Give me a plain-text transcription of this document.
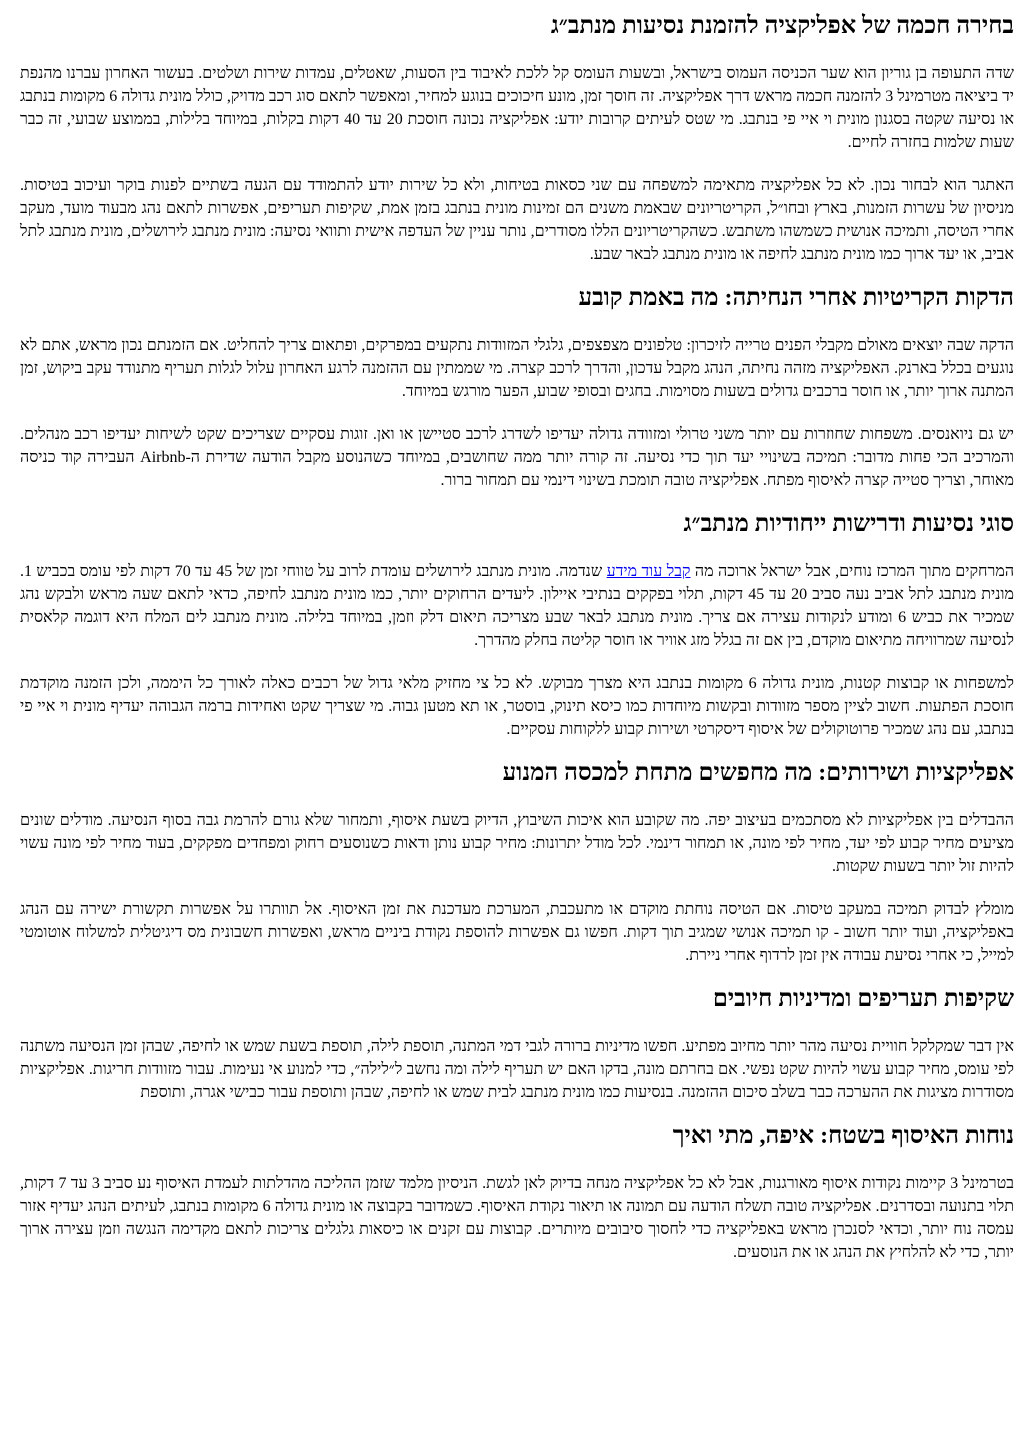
בחירה חכמה של אפליקציה להזמנת נסיעות מנתב״ג

שדה התעופה בן גוריון הוא שער הכניסה העמוס בישראל, ובשעות העומס קל ללכת לאיבוד בין הסעות, שאטלים, עמדות שירות ושלטים. בעשור האחרון עברנו מהנפת יד ביציאה מטרמינל 3 להזמנה חכמה מראש דרך אפליקציה. זה חוסך זמן, מונע חיכוכים בנוגע למחיר, ומאפשר לתאם סוג רכב מדויק, כולל מונית גדולה 6 מקומות בנתבג או נסיעה שקטה בסגנון מונית וי איי פי בנתבג. מי שטס לעיתים קרובות יודע: אפליקציה נכונה חוסכת 20 עד 40 דקות בקלות, במיוחד בלילות, בממוצע שבועי, זה כבר שעות שלמות בחזרה לחיים.

האתגר הוא לבחור נכון. לא כל אפליקציה מתאימה למשפחה עם שני כסאות בטיחות, ולא כל שירות יודע להתמודד עם הגעה בשתיים לפנות בוקר ועיכוב בטיסות. מניסיון של עשרות הזמנות, בארץ ובחו״ל, הקריטריונים שבאמת משנים הם זמינות מונית בנתבג בזמן אמת, שקיפות תעריפים, אפשרות לתאם נהג מבעוד מועד, מעקב אחרי הטיסה, ותמיכה אנושית כשמשהו משתבש. כשהקריטריונים הללו מסודרים, נותר עניין של העדפה אישית ותוואי נסיעה: מונית מנתבג לירושלים, מונית מנתבג לתל אביב, או יעד ארוך כמו מונית מנתבג לחיפה או מונית מנתבג לבאר שבע.

הדקות הקריטיות אחרי הנחיתה: מה באמת קובע

הדקה שבה יוצאים מאולם מקבלי הפנים טרייה לזיכרון: טלפונים מצפצפים, גלגלי המזוודות נתקעים במפרקים, ופתאום צריך להחליט. אם הזמנתם נכון מראש, אתם לא נוגעים בכלל בארנק. האפליקציה מזהה נחיתה, הנהג מקבל עדכון, והדרך לרכב קצרה. מי שממתין עם ההזמנה לרגע האחרון עלול לגלות תעריף מתנודד עקב ביקוש, זמן המתנה ארוך יותר, או חוסר ברכבים גדולים בשעות מסוימות. בחגים ובסופי שבוע, הפער מורגש במיוחד.

יש גם ניואנסים. משפחות שחוזרות עם יותר משני טרולי ומזוודה גדולה יעדיפו לשדרג לרכב סטיישן או ואן. זוגות עסקיים שצריכים שקט לשיחות יעדיפו רכב מנהלים. והמרכיב הכי פחות מדובר: תמיכה בשינויי יעד תוך כדי נסיעה. זה קורה יותר ממה שחושבים, במיוחד כשהנוסע מקבל הודעה שדירת ה-Airbnb העבירה קוד כניסה מאוחר, וצריך סטייה קצרה לאיסוף מפתח. אפליקציה טובה תומכת בשינוי דינמי עם תמחור ברור.

סוגי נסיעות ודרישות ייחודיות מנתב״ג

המרחקים מתוך המרכז נוחים, אבל ישראל ארוכה מה קבל עוד מידע שנדמה. מונית מנתבג לירושלים עומדת לרוב על טווחי זמן של 45 עד 70 דקות לפי עומס בכביש 1. מונית מנתבג לתל אביב נעה סביב 20 עד 45 דקות, תלוי בפקקים בנתיבי איילון. ליעדים הרחוקים יותר, כמו מונית מנתבג לחיפה, כדאי לתאם שעה מראש ולבקש נהג שמכיר את כביש 6 ומודע לנקודות עצירה אם צריך. מונית מנתבג לבאר שבע מצריכה תיאום דלק וזמן, במיוחד בלילה. מונית מנתבג לים המלח היא דוגמה קלאסית לנסיעה שמרוויחה מתיאום מוקדם, בין אם זה בגלל מזג אוויר או חוסר קליטה בחלק מהדרך.

למשפחות או קבוצות קטנות, מונית גדולה 6 מקומות בנתבג היא מצרך מבוקש. לא כל צי מחזיק מלאי גדול של רכבים כאלה לאורך כל היממה, ולכן הזמנה מוקדמת חוסכת הפתעות. חשוב לציין מספר מזוודות ובקשות מיוחדות כמו כיסא תינוק, בוסטר, או תא מטען גבוה. מי שצריך שקט ואחידות ברמה הגבוהה יעדיף מונית וי איי פי בנתבג, עם נהג שמכיר פרוטוקולים של איסוף דיסקרטי ושירות קבוע ללקוחות עסקיים.

אפליקציות ושירותים: מה מחפשים מתחת למכסה המנוע

ההבדלים בין אפליקציות לא מסתכמים בעיצוב יפה. מה שקובע הוא איכות השיבוץ, הדיוק בשעת איסוף, ותמחור שלא גורם להרמת גבה בסוף הנסיעה. מודלים שונים מציעים מחיר קבוע לפי יעד, מחיר לפי מונה, או תמחור דינמי. לכל מודל יתרונות: מחיר קבוע נותן ודאות כשנוסעים רחוק ומפחדים מפקקים, בעוד מחיר לפי מונה עשוי להיות זול יותר בשעות שקטות.

מומלץ לבדוק תמיכה במעקב טיסות. אם הטיסה נוחתת מוקדם או מתעכבת, המערכת מעדכנת את זמן האיסוף. אל תוותרו על אפשרות תקשורת ישירה עם הנהג באפליקציה, ועוד יותר חשוב - קו תמיכה אנושי שמגיב תוך דקות. חפשו גם אפשרות להוספת נקודת ביניים מראש, ואפשרות חשבונית מס דיגיטלית למשלוח אוטומטי למייל, כי אחרי נסיעת עבודה אין זמן לרדוף אחרי ניירת.

שקיפות תעריפים ומדיניות חיובים

אין דבר שמקלקל חוויית נסיעה מהר יותר מחיוב מפתיע. חפשו מדיניות ברורה לגבי דמי המתנה, תוספת לילה, תוספת בשעת שמש או לחיפה, שבהן זמן הנסיעה משתנה לפי עומס, מחיר קבוע עשוי להיות שקט נפשי. אם בחרתם מונה, בדקו האם יש תעריף לילה ומה נחשב ל״לילה״, כדי למנוע אי נעימות. עבור מזוודות חריגות. אפליקציות מסודרות מציגות את ההערכה כבר בשלב סיכום ההזמנה. בנסיעות כמו מונית מנתבג לבית שמש או לחיפה, שבהן ותוספת עבור כבישי אגרה, ותוספת

נוחות האיסוף בשטח: איפה, מתי ואיך

בטרמינל 3 קיימות נקודות איסוף מאורגנות, אבל לא כל אפליקציה מנחה בדיוק לאן לגשת. הניסיון מלמד שזמן ההליכה מהדלתות לעמדת האיסוף נע סביב 3 עד 7 דקות, תלוי בתנועה ובסדרנים. אפליקציה טובה תשלח הודעה עם תמונה או תיאור נקודת האיסוף. כשמדובר בקבוצה או מונית גדולה 6 מקומות בנתבג, לעיתים הנהג יעדיף אזור עמסה נוח יותר, וכדאי לסנכרן מראש באפליקציה כדי לחסוך סיבובים מיותרים. קבוצות עם זקנים או כיסאות גלגלים צריכות לתאם מקדימה הנגשה וזמן עצירה ארוך יותר, כדי לא להלחיץ את הנהג או את הנוסעים.
